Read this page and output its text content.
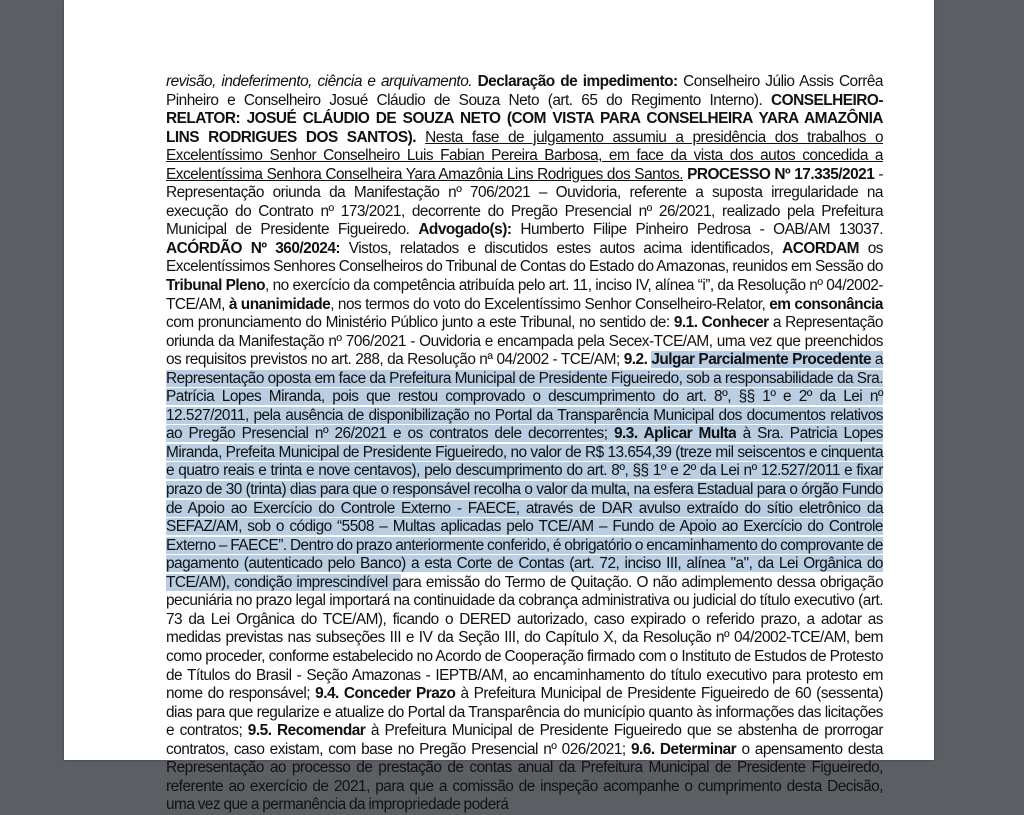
revisão, indeferimento, ciência e arquivamento. Declaração de impedimento: Conselheiro Júlio Assis Corrêa Pinheiro e Conselheiro Josué Cláudio de Souza Neto (art. 65 do Regimento Interno). CONSELHEIRO-RELATOR: JOSUÉ CLÁUDIO DE SOUZA NETO (COM VISTA PARA CONSELHEIRA YARA AMAZÔNIA LINS RODRIGUES DOS SANTOS). Nesta fase de julgamento assumiu a presidência dos trabalhos o Excelentíssimo Senhor Conselheiro Luis Fabian Pereira Barbosa, em face da vista dos autos concedida a Excelentíssima Senhora Conselheira Yara Amazônia Lins Rodrigues dos Santos. PROCESSO Nº 17.335/2021 - Representação oriunda da Manifestação nº 706/2021 – Ouvidoria, referente a suposta irregularidade na execução do Contrato nº 173/2021, decorrente do Pregão Presencial nº 26/2021, realizado pela Prefeitura Municipal de Presidente Figueiredo. Advogado(s): Humberto Filipe Pinheiro Pedrosa - OAB/AM 13037. ACÓRDÃO Nº 360/2024: Vistos, relatados e discutidos estes autos acima identificados, ACORDAM os Excelentíssimos Senhores Conselheiros do Tribunal de Contas do Estado do Amazonas, reunidos em Sessão do Tribunal Pleno, no exercício da competência atribuída pelo art. 11, inciso IV, alínea “i”, da Resolução nº 04/2002-TCE/AM, à unanimidade, nos termos do voto do Excelentíssimo Senhor Conselheiro-Relator, em consonância com pronunciamento do Ministério Público junto a este Tribunal, no sentido de: 9.1. Conhecer a Representação oriunda da Manifestação nº 706/2021 - Ouvidoria e encampada pela Secex-TCE/AM, uma vez que preenchidos os requisitos previstos no art. 288, da Resolução nª 04/2002 - TCE/AM; 9.2. Julgar Parcialmente Procedente a Representação oposta em face da Prefeitura Municipal de Presidente Figueiredo, sob a responsabilidade da Sra. Patrícia Lopes Miranda, pois que restou comprovado o descumprimento do art. 8º, §§ 1º e 2º da Lei nº 12.527/2011, pela ausência de disponibilização no Portal da Transparência Municipal dos documentos relativos ao Pregão Presencial nº 26/2021 e os contratos dele decorrentes; 9.3. Aplicar Multa à Sra. Patricia Lopes Miranda, Prefeita Municipal de Presidente Figueiredo, no valor de R$ 13.654,39 (treze mil seiscentos e cinquenta e quatro reais e trinta e nove centavos), pelo descumprimento do art. 8º, §§ 1º e 2º da Lei nº 12.527/2011 e fixar prazo de 30 (trinta) dias para que o responsável recolha o valor da multa, na esfera Estadual para o órgão Fundo de Apoio ao Exercício do Controle Externo - FAECE, através de DAR avulso extraído do sítio eletrônico da SEFAZ/AM, sob o código “5508 – Multas aplicadas pelo TCE/AM – Fundo de Apoio ao Exercício do Controle Externo – FAECE”. Dentro do prazo anteriormente conferido, é obrigatório o encaminhamento do comprovante de pagamento (autenticado pelo Banco) a esta Corte de Contas (art. 72, inciso III, alínea "a", da Lei Orgânica do TCE/AM), condição imprescindível para emissão do Termo de Quitação. O não adimplemento dessa obrigação pecuniária no prazo legal importará na continuidade da cobrança administrativa ou judicial do título executivo (art. 73 da Lei Orgânica do TCE/AM), ficando o DERED autorizado, caso expirado o referido prazo, a adotar as medidas previstas nas subseções III e IV da Seção III, do Capítulo X, da Resolução nº 04/2002-TCE/AM, bem como proceder, conforme estabelecido no Acordo de Cooperação firmado com o Instituto de Estudos de Protesto de Títulos do Brasil - Seção Amazonas - IEPTB/AM, ao encaminhamento do título executivo para protesto em nome do responsável; 9.4. Conceder Prazo à Prefeitura Municipal de Presidente Figueiredo de 60 (sessenta) dias para que regularize e atualize do Portal da Transparência do município quanto às informações das licitações e contratos; 9.5. Recomendar à Prefeitura Municipal de Presidente Figueiredo que se abstenha de prorrogar contratos, caso existam, com base no Pregão Presencial nº 026/2021; 9.6. Determinar o apensamento desta Representação ao processo de prestação de contas anual da Prefeitura Municipal de Presidente Figueiredo, referente ao exercício de 2021, para que a comissão de inspeção acompanhe o cumprimento desta Decisão, uma vez que a permanência da impropriedade poderá
